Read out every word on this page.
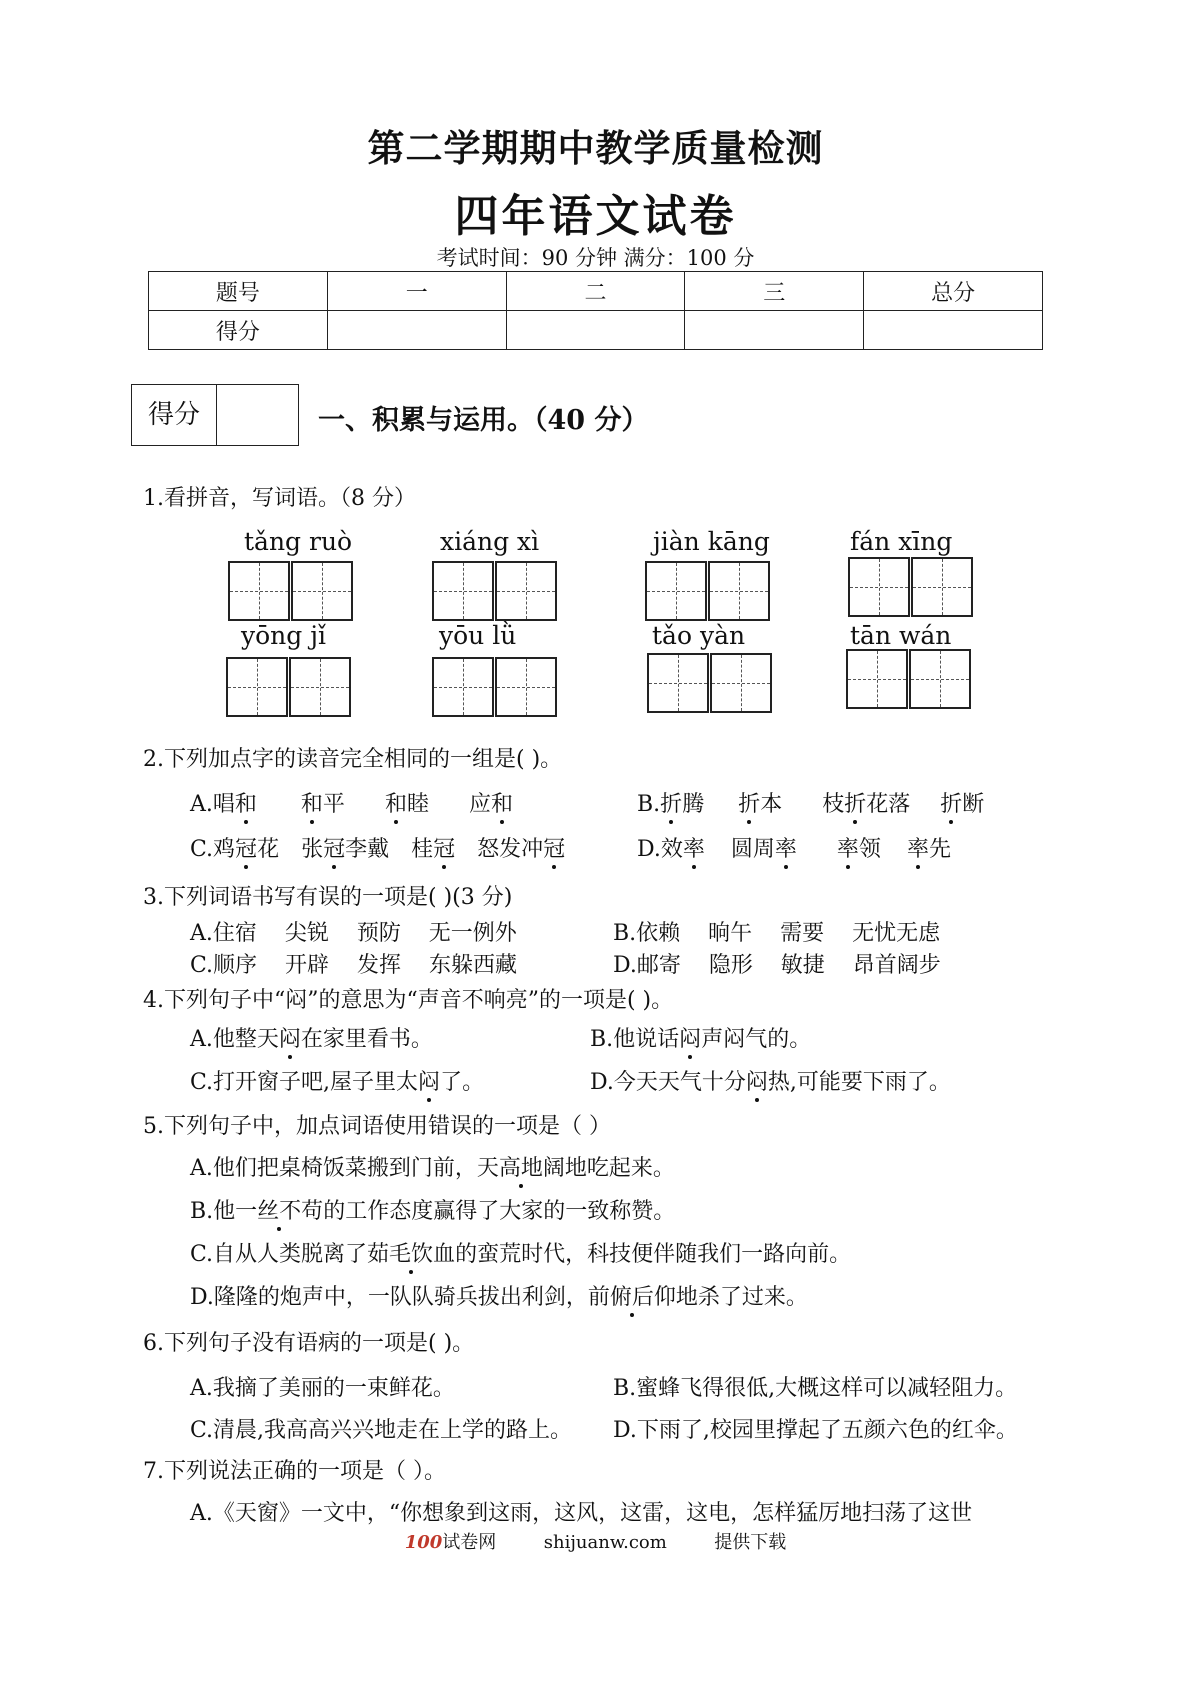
第二学期期中教学质量检测
四年语文试卷
考试时间：90 分钟 满分：100 分
题号	一	二	三	总分
得分				
得分	一、积累与运用。（40 分）
1.看拼音，写词语。（8 分）
tǎng ruò	xiáng xì	jiàn kāng	fán xīng
yōng jǐ	yōu lǜ	tǎo yàn	tān wán
2.下列加点字的读音完全相同的一组是( )。
A.唱和 和平 和睦 应和	B.折腾 折本 枝折花落 折断
C.鸡冠花 张冠李戴 桂冠 怒发冲冠	D.效率 圆周率 率领 率先
3.下列词语书写有误的一项是( )(3 分)
A.住宿    尖锐    预防    无一例外	B.依赖    晌午    需要    无忧无虑
C.顺序    开辟    发挥    东躲西藏	D.邮寄    隐形    敏捷    昂首阔步
4.下列句子中“闷”的意思为“声音不响亮”的一项是( )。
A.他整天闷在家里看书。	B.他说话闷声闷气的。
C.打开窗子吧,屋子里太闷了。	D.今天天气十分闷热,可能要下雨了。
5.下列句子中，加点词语使用错误的一项是（ ）
A.他们把桌椅饭菜搬到门前，天高地阔地吃起来。
B.他一丝不苟的工作态度赢得了大家的一致称赞。
C.自从人类脱离了茹毛饮血的蛮荒时代，科技便伴随我们一路向前。
D.隆隆的炮声中，一队队骑兵拔出利剑，前俯后仰地杀了过来。
6.下列句子没有语病的一项是( )。
A.我摘了美丽的一束鲜花。	B.蜜蜂飞得很低,大概这样可以减轻阻力。
C.清晨,我高高兴兴地走在上学的路上。 D.下雨了,校园里撑起了五颜六色的红伞。
7.下列说法正确的一项是（ ）。
A.《天窗》一文中，“你想象到这雨，这风，这雷，这电，怎样猛厉地扫荡了这世
100试卷网	shijuanw.com	提供下载
